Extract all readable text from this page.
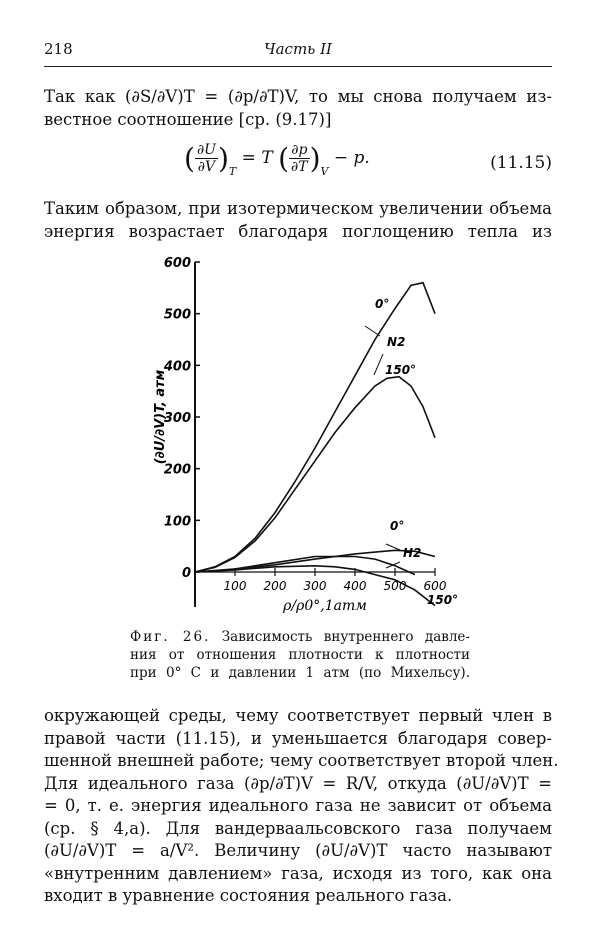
218	Часть II
Так как (∂S/∂V)T = (∂p/∂T)V, то мы снова получаем из-
вестное соотношение [ср. (9.17)]
( $\frac{\partial U}{\partial V} )_T = T$ ( $\frac{\partial p}{\partial T} )_V - p$.	(11.15)
Таким образом, при изотермическом увеличении объема
энергия возрастает благодаря поглощению тепла из
0
100
200
300
400
500
600
100 200 300 400 500 600
(∂U/∂V)T, атм
ρ/ρ0°,1атм
0°
N2
150°
0°
H2
150°
Фиг. 26. Зависимость внутреннего давле-
ния от отношения плотности к плотности
при 0° С и давлении 1 атм (по Михельсу).
окружающей среды, чему соответствует первый член в
правой части (11.15), и уменьшается благодаря совер-
шенной внешней работе; чему соответствует второй член.
Для идеального газа (∂p/∂T)V = R/V, откуда (∂U/∂V)T =
= 0, т. е. энергия идеального газа не зависит от объема
(ср. § 4,а). Для вандерваальсовского газа получаем
(∂U/∂V)T = a/V². Величину (∂U/∂V)T часто называют
«внутренним давлением» газа, исходя из того, как она
входит в уравнение состояния реального газа.
